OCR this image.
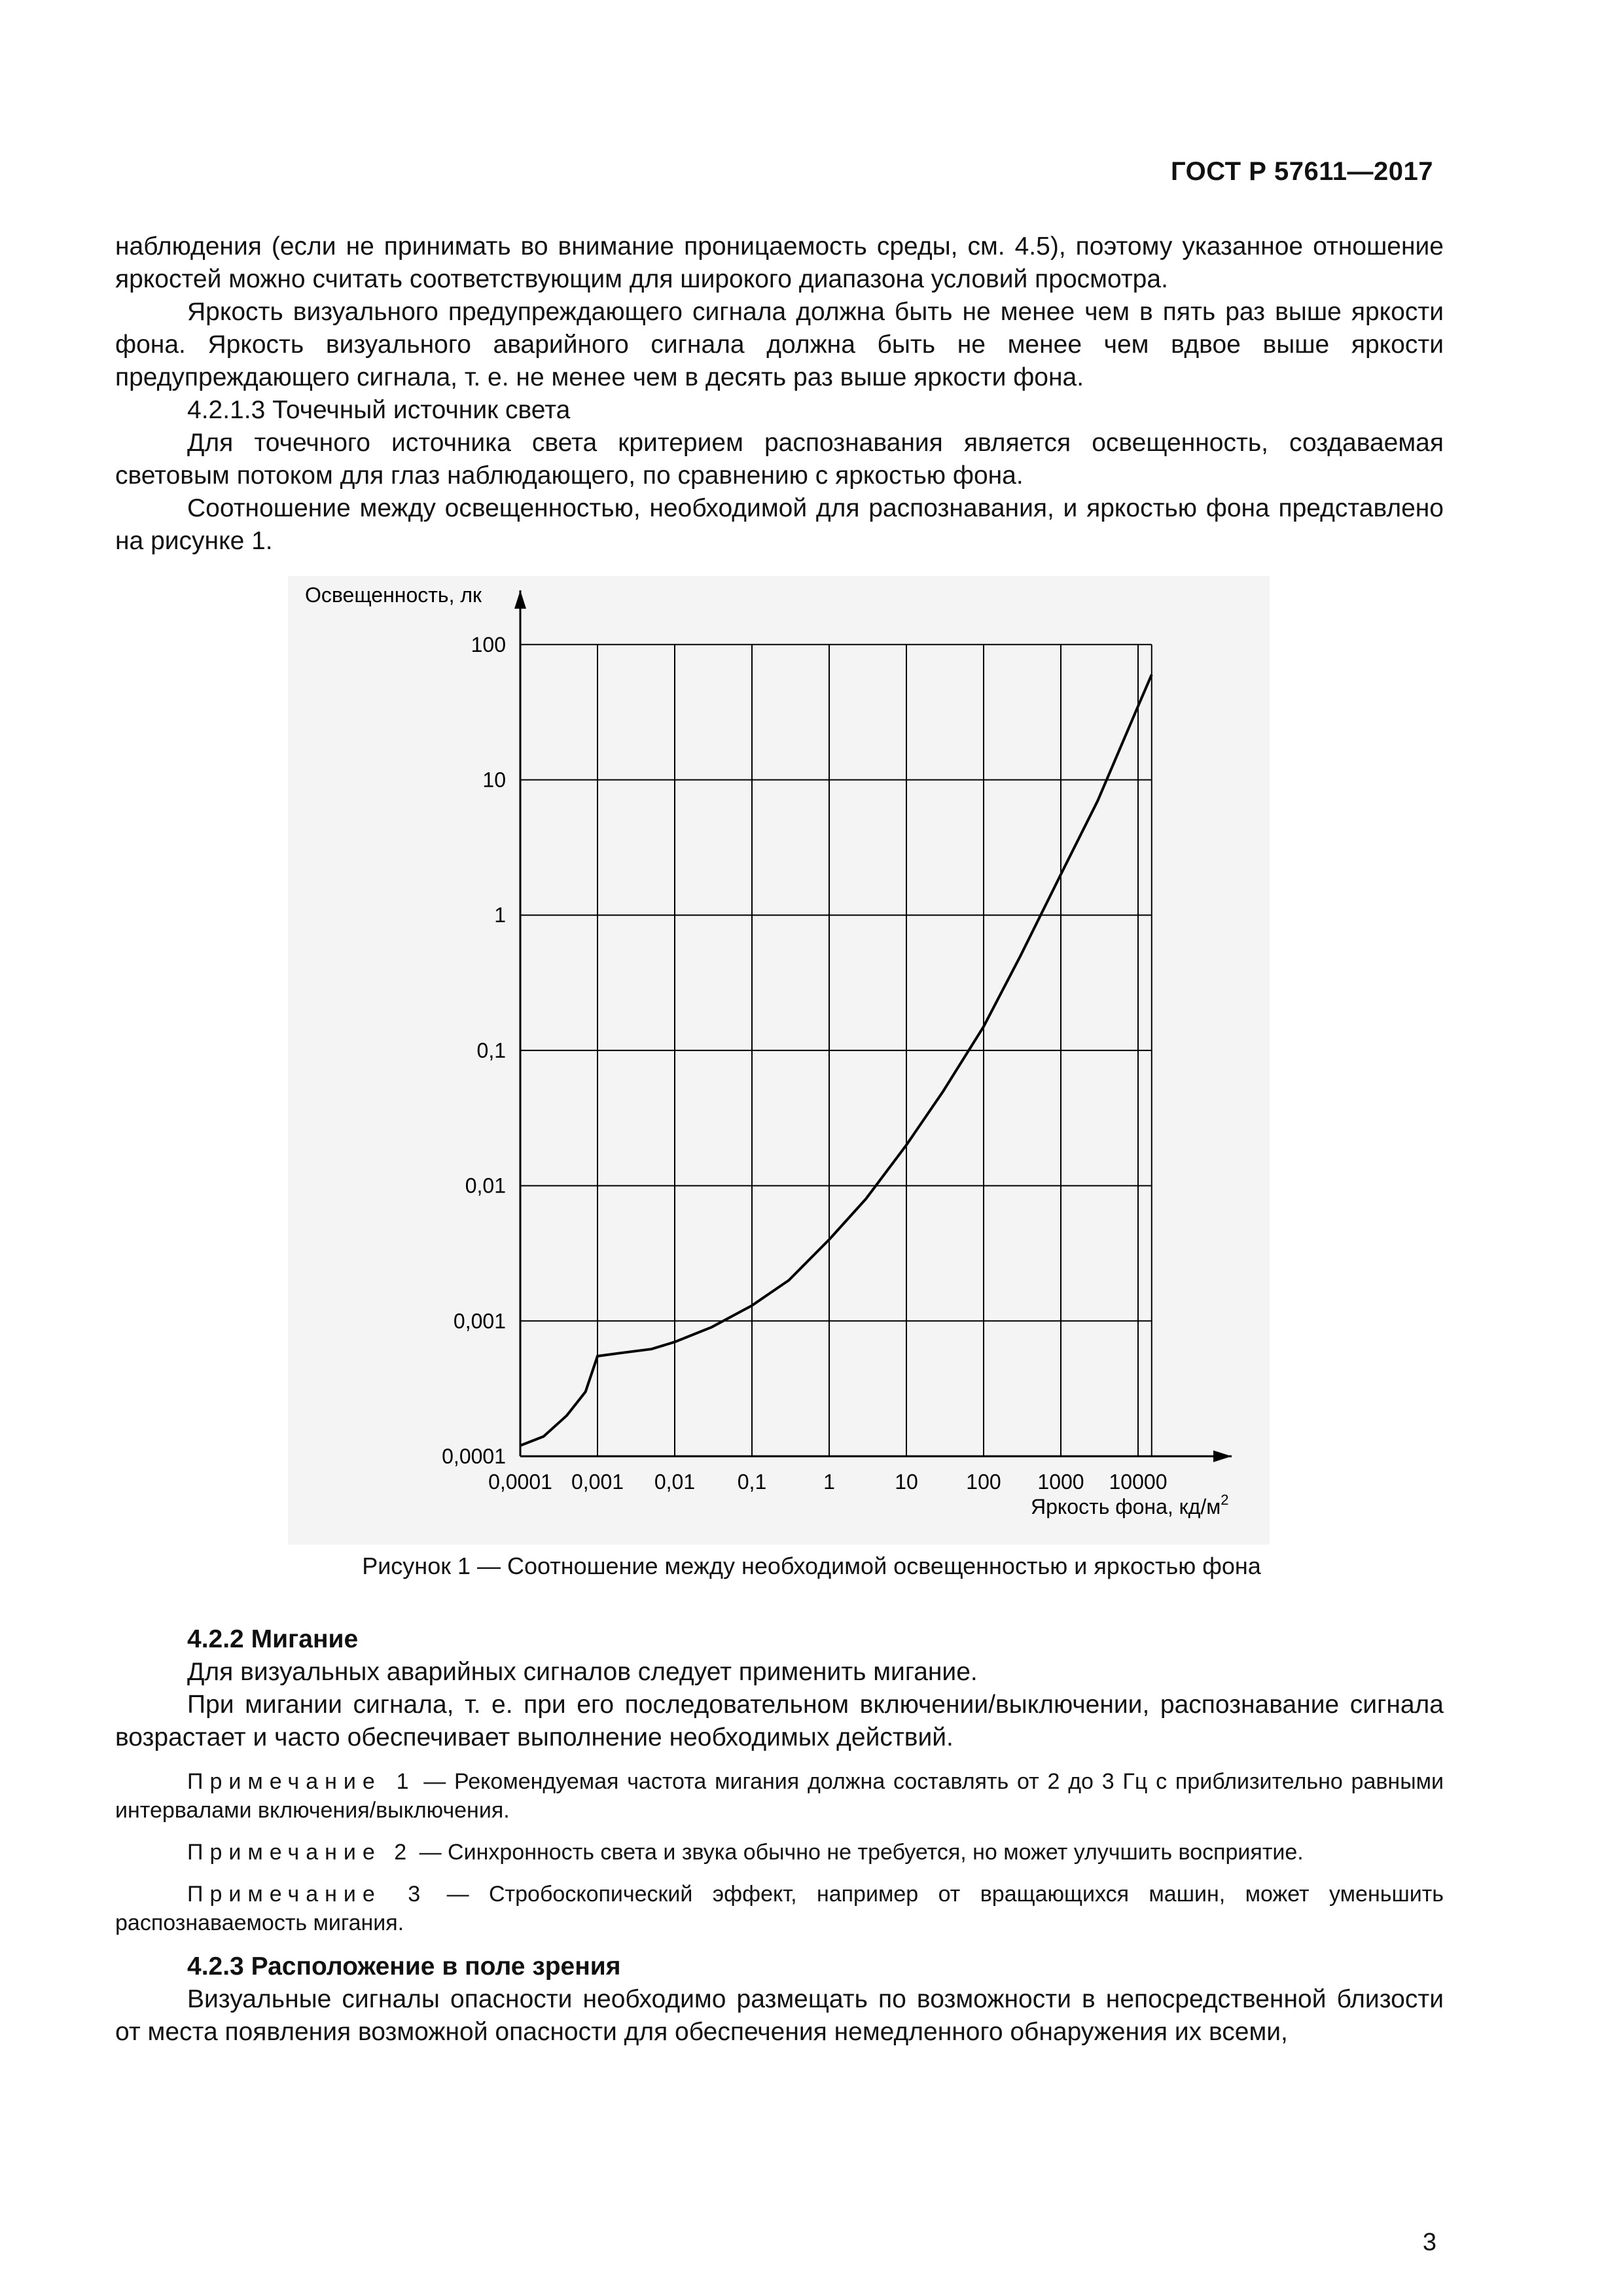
ГОСТ Р 57611—2017

наблюдения (если не принимать во внимание проницаемость среды, см. 4.5), поэтому указанное отношение яркостей можно считать соответствующим для широкого диапазона условий просмотра.

Яркость визуального предупреждающего сигнала должна быть не менее чем в пять раз выше яркости фона. Яркость визуального аварийного сигнала должна быть не менее чем вдвое выше яркости предупреждающего сигнала, т. е. не менее чем в десять раз выше яркости фона.

4.2.1.3 Точечный источник света

Для точечного источника света критерием распознавания является освещенность, создаваемая световым потоком для глаз наблюдающего, по сравнению с яркостью фона.

Соотношение между освещенностью, необходимой для распознавания, и яркостью фона представлено на рисунке 1.

0,0001 0,001 0,01 0,1	1	10 100 1000 10000
0,0001
0,001
0,01
0,1
1
10
100
Освещенность, лк
Яркость фона, $кд/м^2$
Рисунок 1 — Соотношение между необходимой освещенностью и яркостью фона

4.2.2 Мигание

Для визуальных аварийных сигналов следует применить мигание.

При мигании сигнала, т. е. при его последовательном включении/выключении, распознавание сигнала возрастает и часто обеспечивает выполнение необходимых действий.

Примечание 1 — Рекомендуемая частота мигания должна составлять от 2 до 3 Гц с приблизительно равными интервалами включения/выключения.

Примечание 2 — Синхронность света и звука обычно не требуется, но может улучшить восприятие.

Примечание 3 — Стробоскопический эффект, например от вращающихся машин, может уменьшить распознаваемость мигания.

4.2.3 Расположение в поле зрения

Визуальные сигналы опасности необходимо размещать по возможности в непосредственной близости от места появления возможной опасности для обеспечения немедленного обнаружения их всеми,

3
